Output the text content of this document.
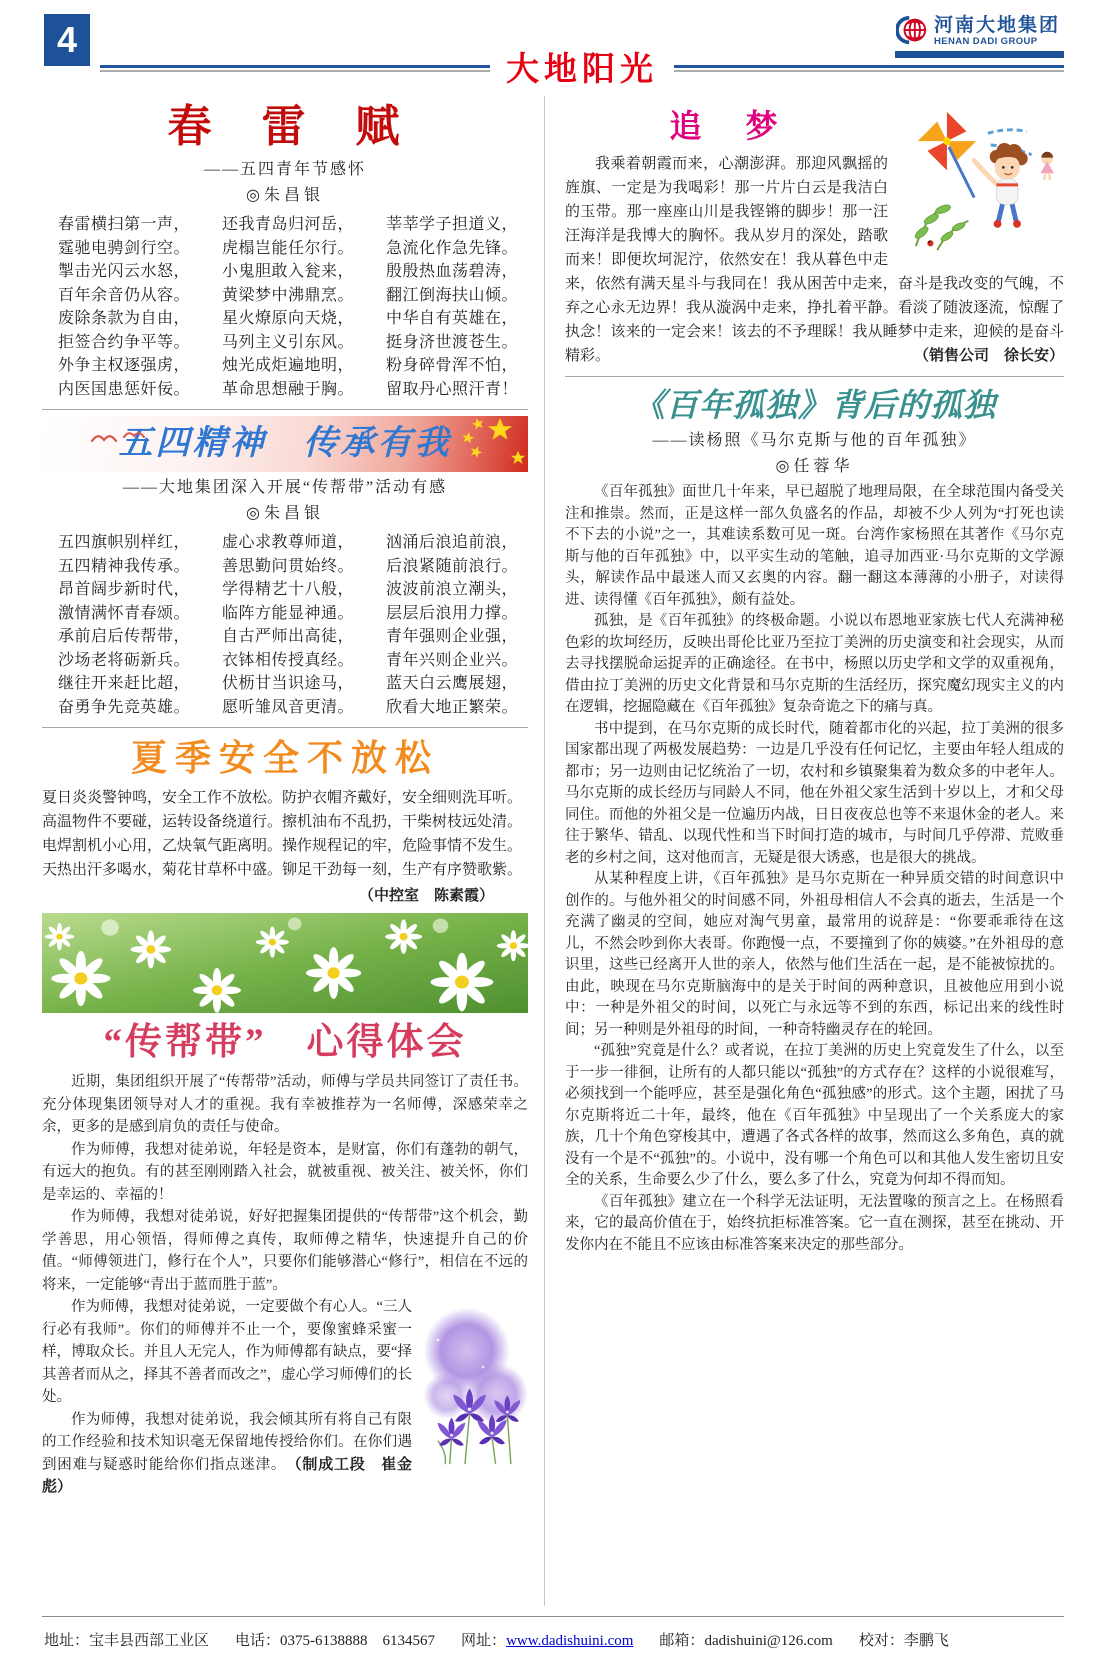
4	河南大地集团
HENAN DADI GROUP
大地阳光
春　雷　赋
——五四青年节感怀
◎朱昌银
春雷横扫第一声，
霆驰电骋剑行空。
掣击光闪云水怒，
百年余音仍从容。
废除条款为自由，
拒签合约争平等。
外争主权逐强虏，
内医国患惩奸佞。
还我青岛归河岳，
虎榻岂能任尔行。
小鬼胆敢入瓮来，
黄梁梦中沸鼎烹。
星火燎原向天烧，
马列主义引东风。
烛光成炬遍地明，
革命思想融于胸。
莘莘学子担道义，
急流化作急先锋。
殷殷热血荡碧涛，
翻江倒海扶山倾。
中华自有英雄在，
挺身济世渡苍生。
粉身碎骨浑不怕，
留取丹心照汗青！
五四精神　传承有我
——大地集团深入开展“传帮带”活动有感
◎朱昌银
五四旗帜别样红，
五四精神我传承。
昂首阔步新时代，
激情满怀青春颂。
承前启后传帮带，
沙场老将砺新兵。
继往开来赶比超，
奋勇争先竞英雄。
虚心求教尊师道，
善思勤问贯始终。
学得精艺十八般，
临阵方能显神通。
自古严师出高徒，
衣钵相传授真经。
伏枥甘当识途马，
愿听雏凤音更清。
汹涌后浪追前浪，
后浪紧随前浪行。
波波前浪立潮头，
层层后浪用力撑。
青年强则企业强，
青年兴则企业兴。
蓝天白云鹰展翅，
欣看大地正繁荣。
夏季安全不放松
夏日炎炎警钟鸣，安全工作不放松。防护衣帽齐戴好，安全细则洗耳听。
高温物件不要碰，运转设备绕道行。擦机油布不乱扔，干柴树枝远处清。
电焊割机小心用，乙炔氧气距离明。操作规程记的牢，危险事情不发生。
天热出汗多喝水，菊花甘草杯中盛。铆足干劲每一刻，生产有序赞歌紫。
（中控室　陈素霞）
“传帮带”　心得体会

近期，集团组织开展了“传帮带”活动，师傅与学员共同签订了责任书。充分体现集团领导对人才的重视。我有幸被推荐为一名师傅，深感荣幸之余，更多的是感到肩负的责任与使命。

作为师傅，我想对徒弟说，年轻是资本，是财富，你们有蓬勃的朝气，有远大的抱负。有的甚至刚刚踏入社会，就被重视、被关注、被关怀，你们是幸运的、幸福的！

作为师傅，我想对徒弟说，好好把握集团提供的“传帮带”这个机会，勤学善思，用心领悟，得师傅之真传，取师傅之精华，快速提升自己的价值。“师傅领进门，修行在个人”，只要你们能够潜心“修行”，相信在不远的将来，一定能够“青出于蓝而胜于蓝”。

作为师傅，我想对徒弟说，一定要做个有心人。“三人行必有我师”。你们的师傅并不止一个，要像蜜蜂采蜜一样，博取众长。并且人无完人，作为师傅都有缺点，要“择其善者而从之，择其不善者而改之”，虚心学习师傅们的长处。

作为师傅，我想对徒弟说，我会倾其所有将自己有限的工作经验和技术知识毫无保留地传授给你们。在你们遇到困难与疑惑时能给你们指点迷津。　 （制成工段　崔金彪）

追　梦

我乘着朝霞而来，心潮澎湃。那迎风飘摇的旌旗、一定是为我喝彩！那一片片白云是我洁白的玉带。那一座座山川是我铿锵的脚步！那一汪汪海洋是我博大的胸怀。我从岁月的深处，踏歌而来！即便坎坷泥泞，依然安在！我从暮色中走来，依然有满天星斗与我同在！我从困苦中走来，奋斗是我改变的气魄，不弃之心永无边界！我从漩涡中走来，挣扎着平静。看淡了随波逐流，惊醒了执念！该来的一定会来！该去的不予理睬！我从睡梦中走来，迎候的是奋斗精彩。	（销售公司　徐长安）

《百年孤独》背后的孤独
——读杨照《马尔克斯与他的百年孤独》
◎任蓉华

《百年孤独》面世几十年来，早已超脱了地理局限，在全球范围内备受关注和推崇。然而，正是这样一部久负盛名的作品，却被不少人列为“打死也读不下去的小说”之一，其难读系数可见一斑。台湾作家杨照在其著作《马尔克斯与他的百年孤独》中，以平实生动的笔触，追寻加西亚·马尔克斯的文学源头，解读作品中最迷人而又玄奥的内容。翻一翻这本薄薄的小册子，对读得进、读得懂《百年孤独》，颇有益处。

孤独，是《百年孤独》的终极命题。小说以布恩地亚家族七代人充满神秘色彩的坎坷经历，反映出哥伦比亚乃至拉丁美洲的历史演变和社会现实，从而去寻找摆脱命运捉弄的正确途径。在书中，杨照以历史学和文学的双重视角，借由拉丁美洲的历史文化背景和马尔克斯的生活经历，探究魔幻现实主义的内在逻辑，挖掘隐藏在《百年孤独》复杂奇诡之下的痛与真。

书中提到，在马尔克斯的成长时代，随着都市化的兴起，拉丁美洲的很多国家都出现了两极发展趋势：一边是几乎没有任何记忆，主要由年轻人组成的都市；另一边则由记忆统治了一切，农村和乡镇聚集着为数众多的中老年人。马尔克斯的成长经历与同龄人不同，他在外祖父家生活到十岁以上，才和父母同住。而他的外祖父是一位遍历内战，日日夜夜总也等不来退休金的老人。来往于繁华、错乱、以现代性和当下时间打造的城市，与时间几乎停滞、荒败垂老的乡村之间，这对他而言，无疑是很大诱惑，也是很大的挑战。

从某种程度上讲，《百年孤独》是马尔克斯在一种异质交错的时间意识中创作的。与他外祖父的时间感不同，外祖母相信人不会真的逝去，生活是一个充满了幽灵的空间，她应对淘气男童，最常用的说辞是：“你要乖乖待在这儿，不然会吵到你大表哥。你跑慢一点，不要撞到了你的姨婆。”在外祖母的意识里，这些已经离开人世的亲人，依然与他们生活在一起，是不能被惊扰的。由此，映现在马尔克斯脑海中的是关于时间的两种意识，且被他应用到小说中：一种是外祖父的时间，以死亡与永远等不到的东西，标记出来的线性时间；另一种则是外祖母的时间，一种奇特幽灵存在的轮回。

“孤独”究竟是什么？或者说，在拉丁美洲的历史上究竟发生了什么，以至于一步一徘徊，让所有的人都只能以“孤独”的方式存在？这样的小说很难写，必须找到一个能呼应，甚至是强化角色“孤独感”的形式。这个主题，困扰了马尔克斯将近二十年，最终，他在《百年孤独》中呈现出了一个关系庞大的家族，几十个角色穿梭其中，遭遇了各式各样的故事，然而这么多角色，真的就没有一个是不“孤独”的。小说中，没有哪一个角色可以和其他人发生密切且安全的关系，生命要么少了什么，要么多了什么，究竟为何却不得而知。

《百年孤独》建立在一个科学无法证明，无法置喙的预言之上。在杨照看来，它的最高价值在于，始终抗拒标准答案。它一直在测探，甚至在挑动、开发你内在不能且不应该由标准答案来决定的那些部分。

地址：宝丰县西部工业区 电话：0375-6138888　6134567 网址：www.dadishuini.com 邮箱：dadishuini@126.com 校对：李鹏飞
